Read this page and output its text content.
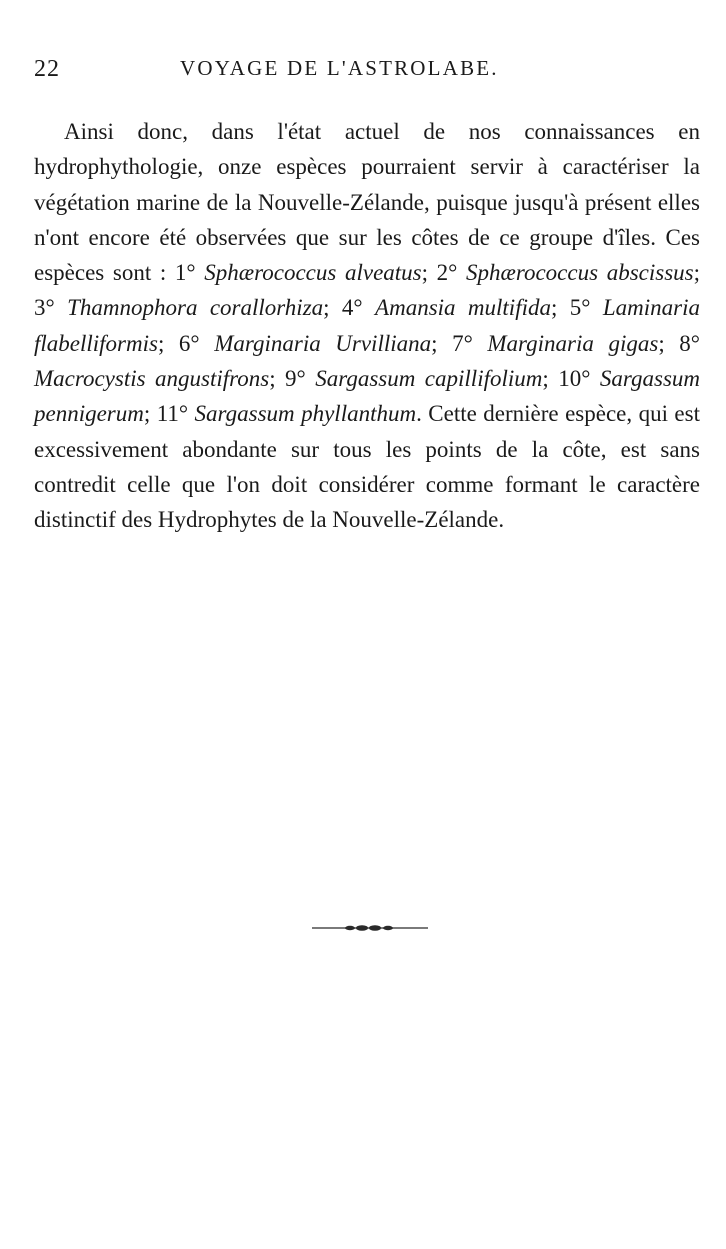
22	VOYAGE DE L'ASTROLABE.

Ainsi donc, dans l'état actuel de nos connaissances en hydrophythologie, onze espèces pourraient servir à caractériser la végétation marine de la Nouvelle-Zélande, puisque jusqu'à présent elles n'ont encore été observées que sur les côtes de ce groupe d'îles. Ces espèces sont : 1° Sphærococcus alveatus; 2° Sphærococcus abscissus; 3° Thamnophora corallorhiza; 4° Amansia multifida; 5° Laminaria flabelliformis; 6° Marginaria Urvilliana; 7° Marginaria gigas; 8° Macrocystis angustifrons; 9° Sargassum capillifolium; 10° Sargassum pennigerum; 11° Sargassum phyllanthum. Cette dernière espèce, qui est excessivement abondante sur tous les points de la côte, est sans contredit celle que l'on doit considérer comme formant le caractère distinctif des Hydrophytes de la Nouvelle-Zélande.
